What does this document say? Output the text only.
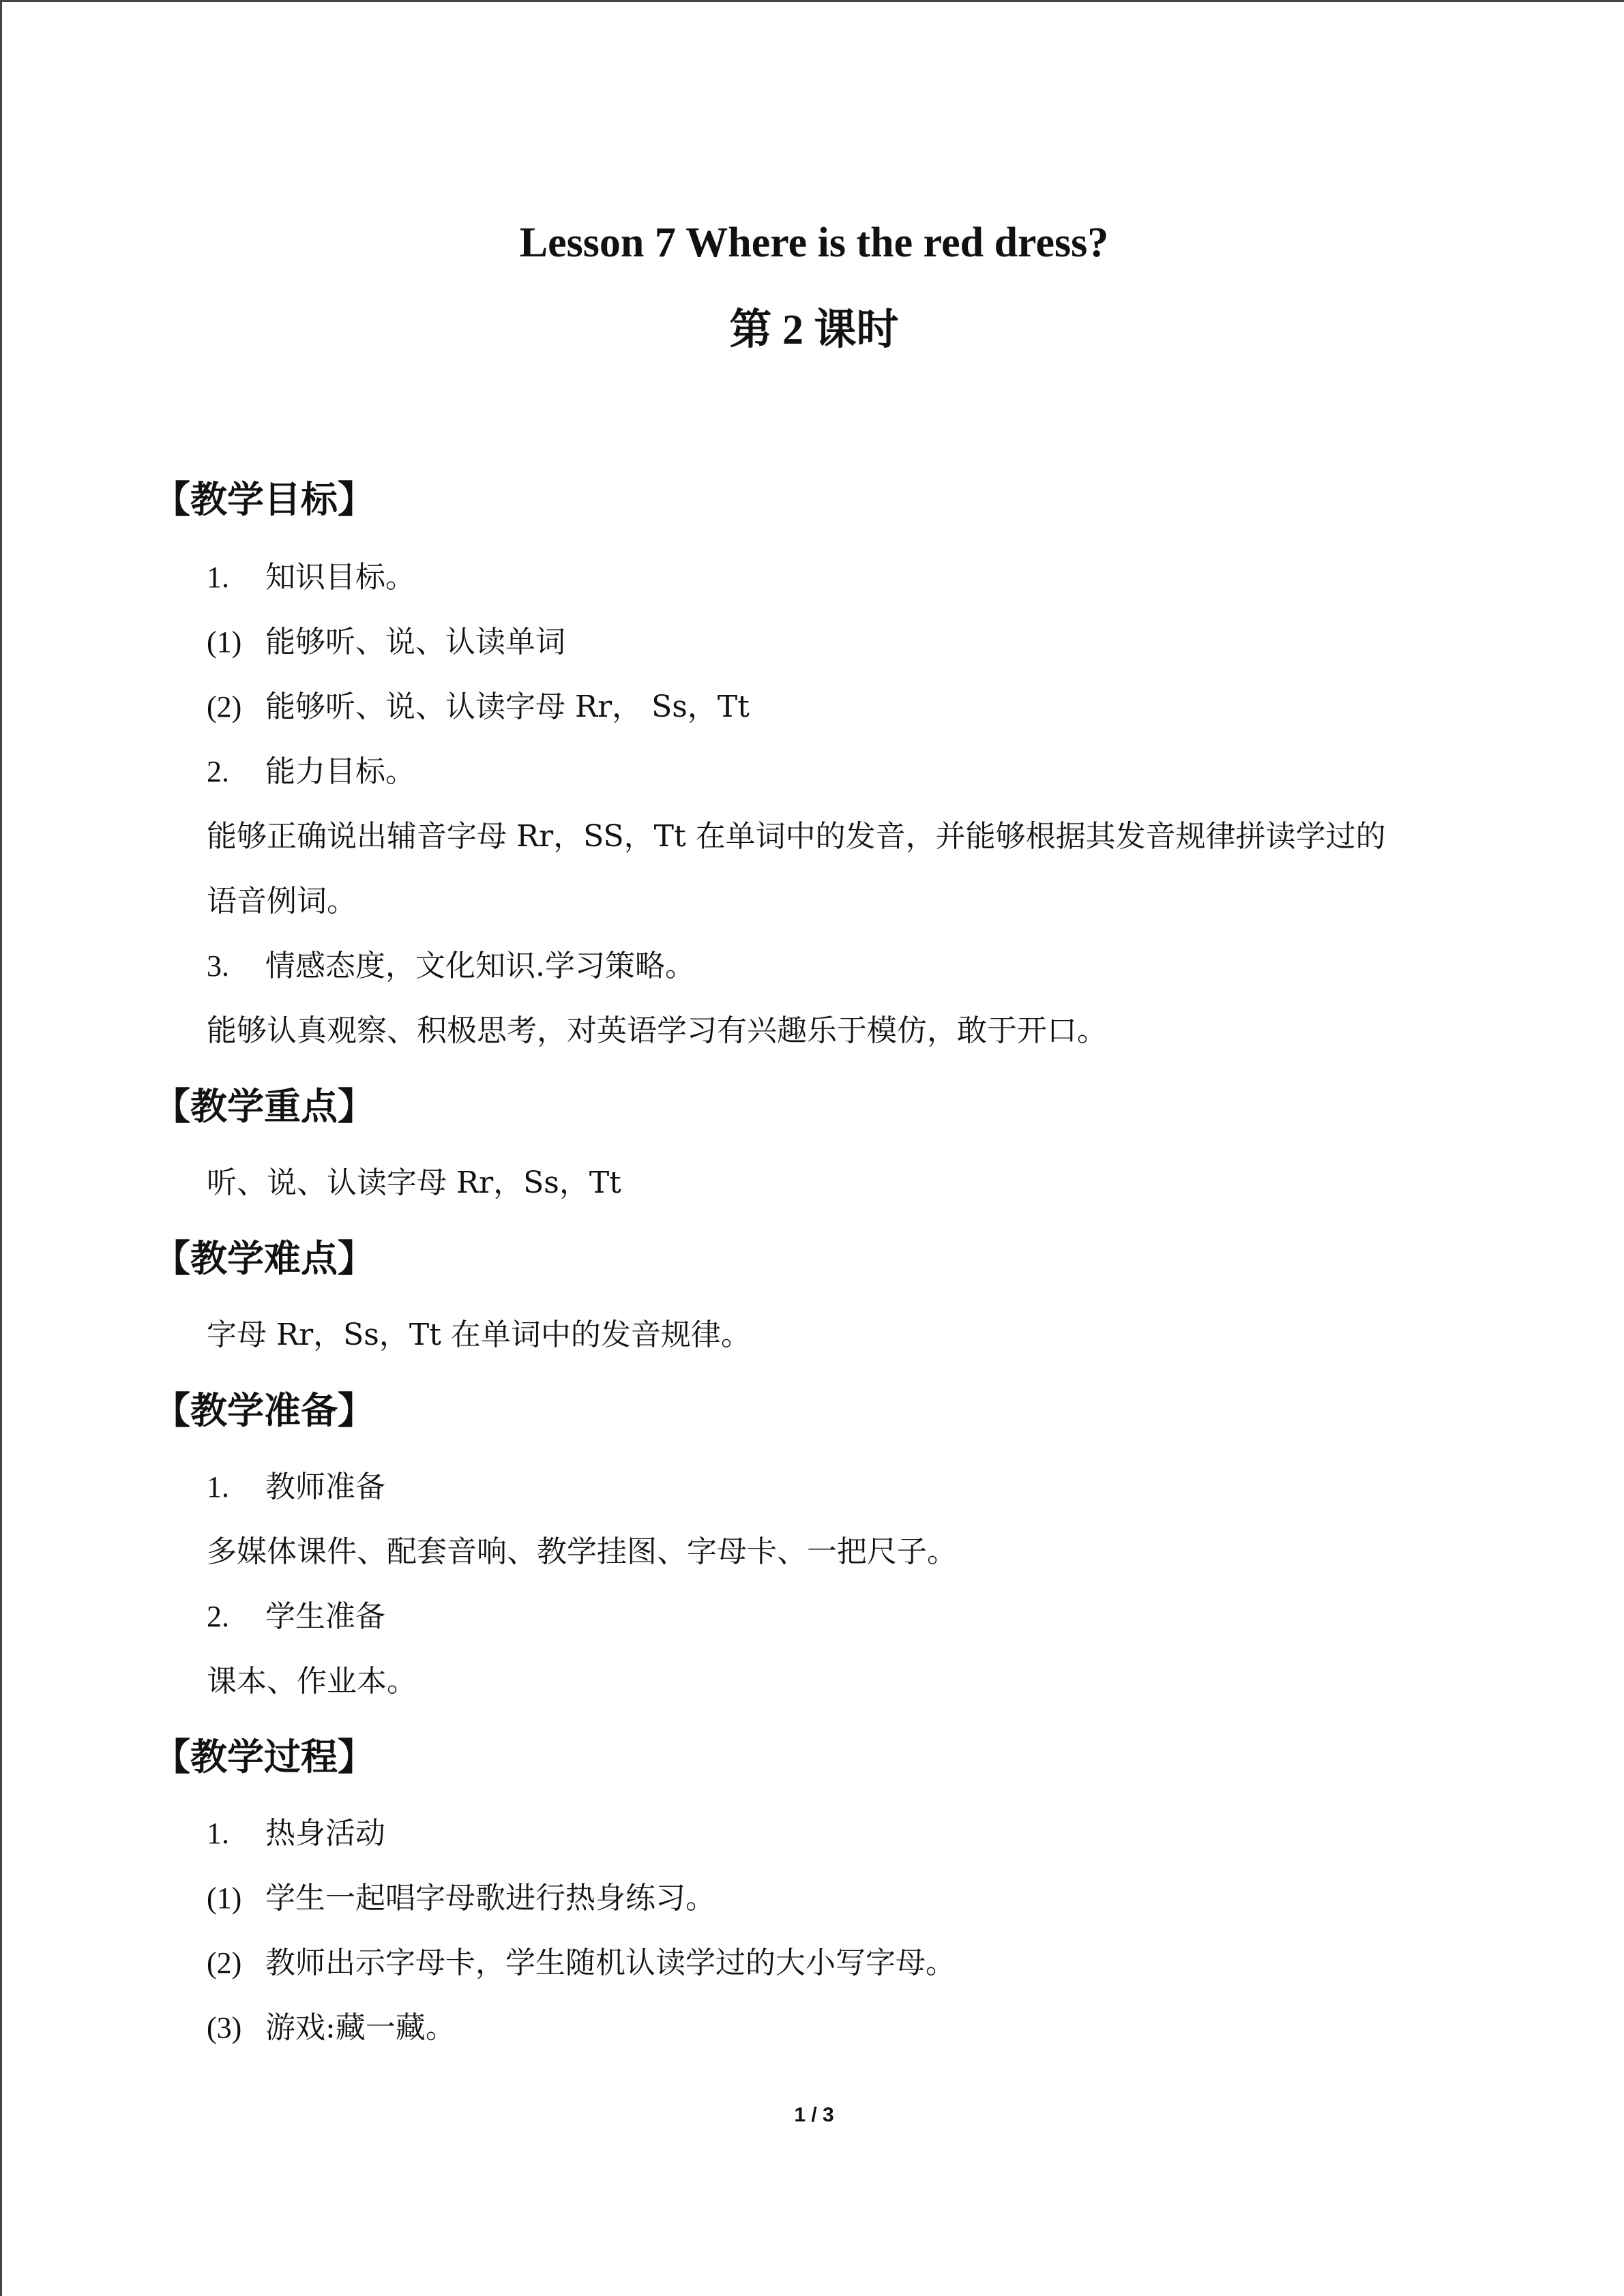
Lesson 7 Where is the red dress?
第 2 课时
【教学目标】
1. 知识目标。
(1) 能够听、说、认读单词
(2) 能够听、说、认读字母 Rr， Ss，Tt
2. 能力目标。
能够正确说出辅音字母 Rr，SS，Tt 在单词中的发音，并能够根据其发音规律拼读学过的
语音例词。
3. 情感态度，文化知识.学习策略。
能够认真观察、积极思考，对英语学习有兴趣乐于模仿，敢于开口。
【教学重点】
听、说、认读字母 Rr，Ss，Tt
【教学难点】
字母 Rr，Ss，Tt 在单词中的发音规律。
【教学准备】
1. 教师准备
多媒体课件、配套音响、教学挂图、字母卡、一把尺子。
2. 学生准备
课本、作业本。
【教学过程】
1. 热身活动
(1) 学生一起唱字母歌进行热身练习。
(2) 教师出示字母卡，学生随机认读学过的大小写字母。
(3) 游戏:藏一藏。
1 / 3
